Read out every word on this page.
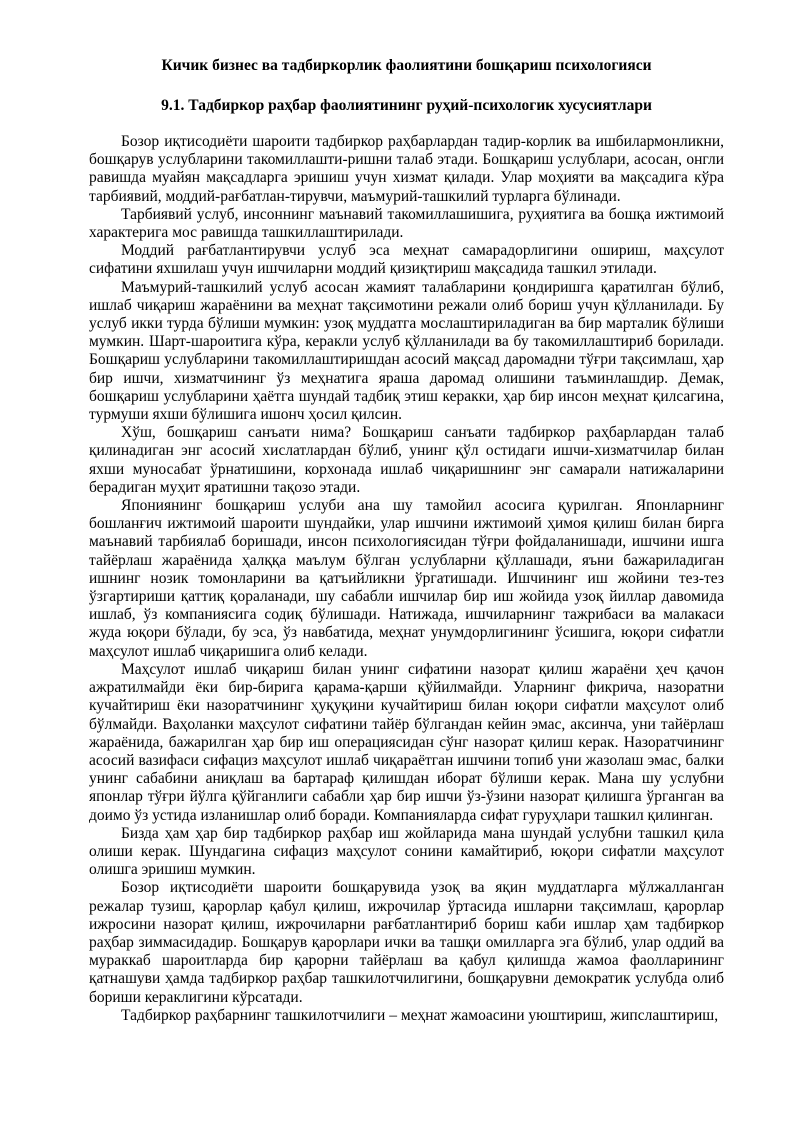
Кичик бизнес ва тадбиркорлик фаолиятини бошқариш психологияси
9.1. Тадбиркор раҳбар фаолиятининг руҳий-психологик хусусиятлари

Бозор иқтисодиёти шароити тадбиркор раҳбарлардан тадир-корлик ва ишбилармонликни, бошқарув услубларини такомиллашти-ришни талаб этади. Бошқариш услублари, асосан, онгли равишда муайян мақсадларга эришиш учун хизмат қилади. Улар моҳияти ва мақсадига кўра тарбиявий, моддий-рағбатлан-тирувчи, маъмурий-ташкилий турларга бўлинади.

Тарбиявий услуб, инсоннинг маънавий такомиллашишига, руҳиятига ва бошқа ижтимоий характерига мос равишда ташкиллаштирилади.

Моддий рағбатлантирувчи услуб эса меҳнат самарадорлигини ошириш, маҳсулот сифатини яхшилаш учун ишчиларни моддий қизиқтириш мақсадида ташкил этилади.

Маъмурий-ташкилий услуб асосан жамият талабларини қондиришга қаратилган бўлиб, ишлаб чиқариш жараёнини ва меҳнат тақсимотини режали олиб бориш учун қўлланилади. Бу услуб икки турда бўлиши мумкин: узоқ муддатга мослаштириладиган ва бир марталик бўлиши мумкин. Шарт-шароитига кўра, керакли услуб қўлланилади ва бу такомиллаштириб борилади. Бошқариш услубларини такомиллаштиришдан асосий мақсад даромадни тўғри тақсимлаш, ҳар бир ишчи, хизматчининг ўз меҳнатига яраша даромад олишини таъминлашдир. Демак, бошқариш услубларини ҳаётга шундай тадбиқ этиш керакки, ҳар бир инсон меҳнат қилсагина, турмуши яхши бўлишига ишонч ҳосил қилсин.

Хўш, бошқариш санъати нима? Бошқариш санъати тадбиркор раҳбарлардан талаб қилинадиган энг асосий хислатлардан бўлиб, унинг қўл остидаги ишчи-хизматчилар билан яхши муносабат ўрнатишини, корхонада ишлаб чиқаришнинг энг самарали натижаларини берадиган муҳит яратишни тақозо этади.

Япониянинг бошқариш услуби ана шу тамойил асосига қурилган. Японларнинг бошланғич ижтимоий шароити шундайки, улар ишчини ижтимоий ҳимоя қилиш билан бирга маънавий тарбиялаб боришади, инсон психологиясидан тўғри фойдаланишади, ишчини ишга тайёрлаш жараёнида ҳалққа маълум бўлган услубларни қўллашади, яъни бажариладиган ишнинг нозик томонларини ва қатъийликни ўргатишади. Ишчининг иш жойини тез-тез ўзгартириши қаттиқ қораланади, шу сабабли ишчилар бир иш жойида узоқ йиллар давомида ишлаб, ўз компаниясига содиқ бўлишади. Натижада, ишчиларнинг тажрибаси ва малакаси жуда юқори бўлади, бу эса, ўз навбатида, меҳнат унумдорлигининг ўсишига, юқори сифатли маҳсулот ишлаб чиқаришига олиб келади.

Маҳсулот ишлаб чиқариш билан унинг сифатини назорат қилиш жараёни ҳеч қачон ажратилмайди ёки бир-бирига қарама-қарши қўйилмайди. Уларнинг фикрича, назоратни кучайтириш ёки назоратчининг ҳуқуқини кучайтириш билан юқори сифатли маҳсулот олиб бўлмайди. Ваҳоланки маҳсулот сифатини тайёр бўлгандан кейин эмас, аксинча, уни тайёрлаш жараёнида, бажарилган ҳар бир иш операциясидан сўнг назорат қилиш керак. Назоратчининг асосий вазифаси сифациз маҳсулот ишлаб чиқараётган ишчини топиб уни жазолаш эмас, балки унинг сабабини аниқлаш ва бартараф қилишдан иборат бўлиши керак. Мана шу услубни японлар тўғри йўлга қўйганлиги сабабли ҳар бир ишчи ўз-ўзини назорат қилишга ўрганган ва доимо ўз устида изланишлар олиб боради. Компанияларда сифат гуруҳлари ташкил қилинган.

Бизда ҳам ҳар бир тадбиркор раҳбар иш жойларида мана шундай услубни ташкил қила олиши керак. Шундагина сифациз маҳсулот сонини камайтириб, юқори сифатли маҳсулот олишга эришиш мумкин.

Бозор иқтисодиёти шароити бошқарувида узоқ ва яқин муддатларга мўлжалланган режалар тузиш, қарорлар қабул қилиш, ижрочилар ўртасида ишларни тақсимлаш, қарорлар ижросини назорат қилиш, ижрочиларни рағбатлантириб бориш каби ишлар ҳам тадбиркор раҳбар зиммасидадир. Бошқарув қарорлари ички ва ташқи омилларга эга бўлиб, улар оддий ва мураккаб шароитларда бир қарорни тайёрлаш ва қабул қилишда жамоа фаолларининг қатнашуви ҳамда тадбиркор раҳбар ташкилотчилигини, бошқарувни демократик услубда олиб бориши кераклигини кўрсатади.

Тадбиркор раҳбарнинг ташкилотчилиги – меҳнат жамоасини уюштириш, жипслаштириш,
